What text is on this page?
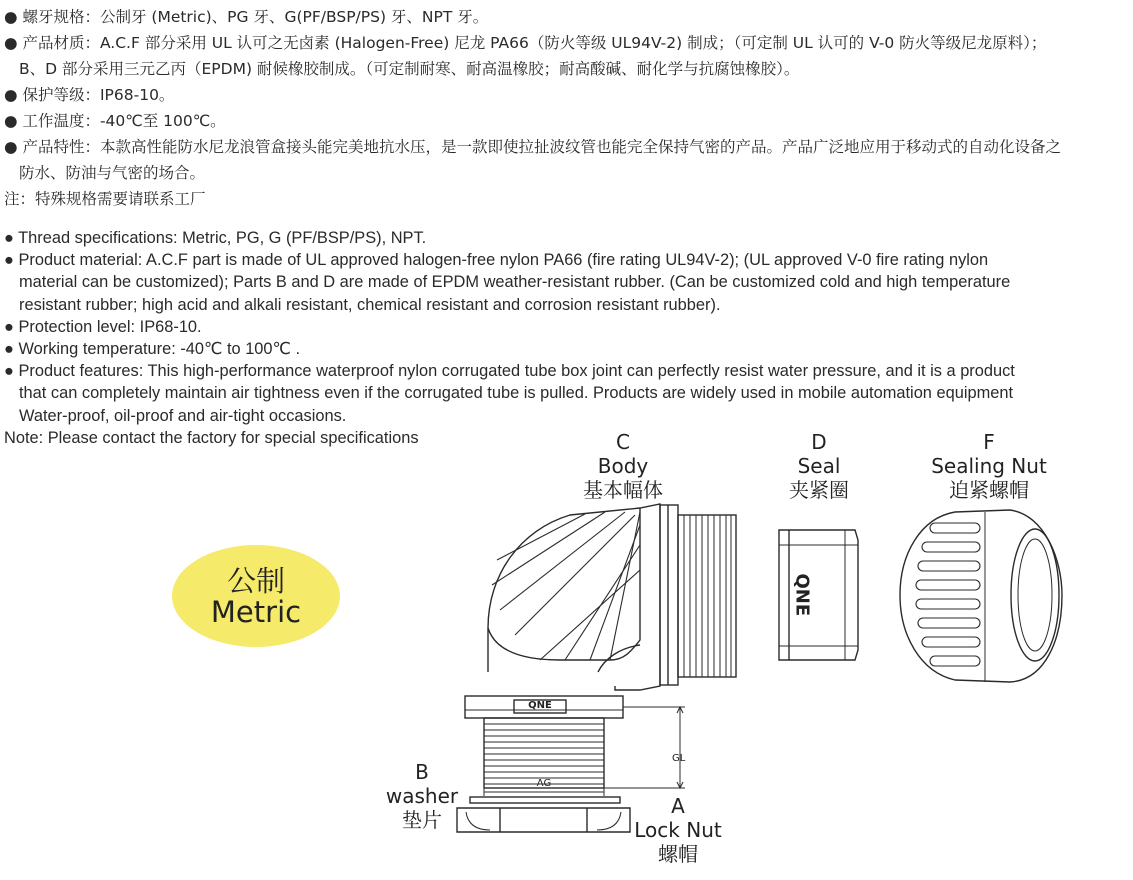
● 螺牙规格：公制牙 (Metric)、PG 牙、G(PF/BSP/PS) 牙、NPT 牙。
● 产品材质：A.C.F 部分采用 UL 认可之无卤素 (Halogen-Free) 尼龙 PA66（防火等级 UL94V-2) 制成；（可定制 UL 认可的 V-0 防火等级尼龙原料）；
B、D 部分采用三元乙丙（EPDM) 耐候橡胶制成。（可定制耐寒、耐高温橡胶；耐高酸碱、耐化学与抗腐蚀橡胶）。
● 保护等级：IP68-10。
● 工作温度：-40℃至 100℃。
● 产品特性：本款高性能防水尼龙浪管盒接头能完美地抗水压，是一款即使拉扯波纹管也能完全保持气密的产品。产品广泛地应用于移动式的自动化设备之
防水、防油与气密的场合。
注：特殊规格需要请联系工厂
● Thread specifications: Metric, PG, G (PF/BSP/PS), NPT.
● Product material: A.C.F part is made of UL approved halogen-free nylon PA66 (fire rating UL94V-2); (UL approved V-0 fire rating nylon
material can be customized); Parts B and D are made of EPDM weather-resistant rubber. (Can be customized cold and high temperature
resistant rubber; high acid and alkali resistant, chemical resistant and corrosion resistant rubber).
● Protection level: IP68-10.
● Working temperature: -40℃ to 100℃ .
● Product features: This high-performance waterproof nylon corrugated tube box joint can perfectly resist water pressure, and it is a product
that can completely maintain air tightness even if the corrugated tube is pulled. Products are widely used in mobile automation equipment
Water-proof, oil-proof and air-tight occasions.
Note: Please contact the factory for special specifications
公制
Metric
C
Body
基本幅体
D
Seal
夹紧圈
F
Sealing Nut
迫紧螺帽
B
washer
垫片
A
Lock Nut
螺帽
QNE
QNE
AG
GL
